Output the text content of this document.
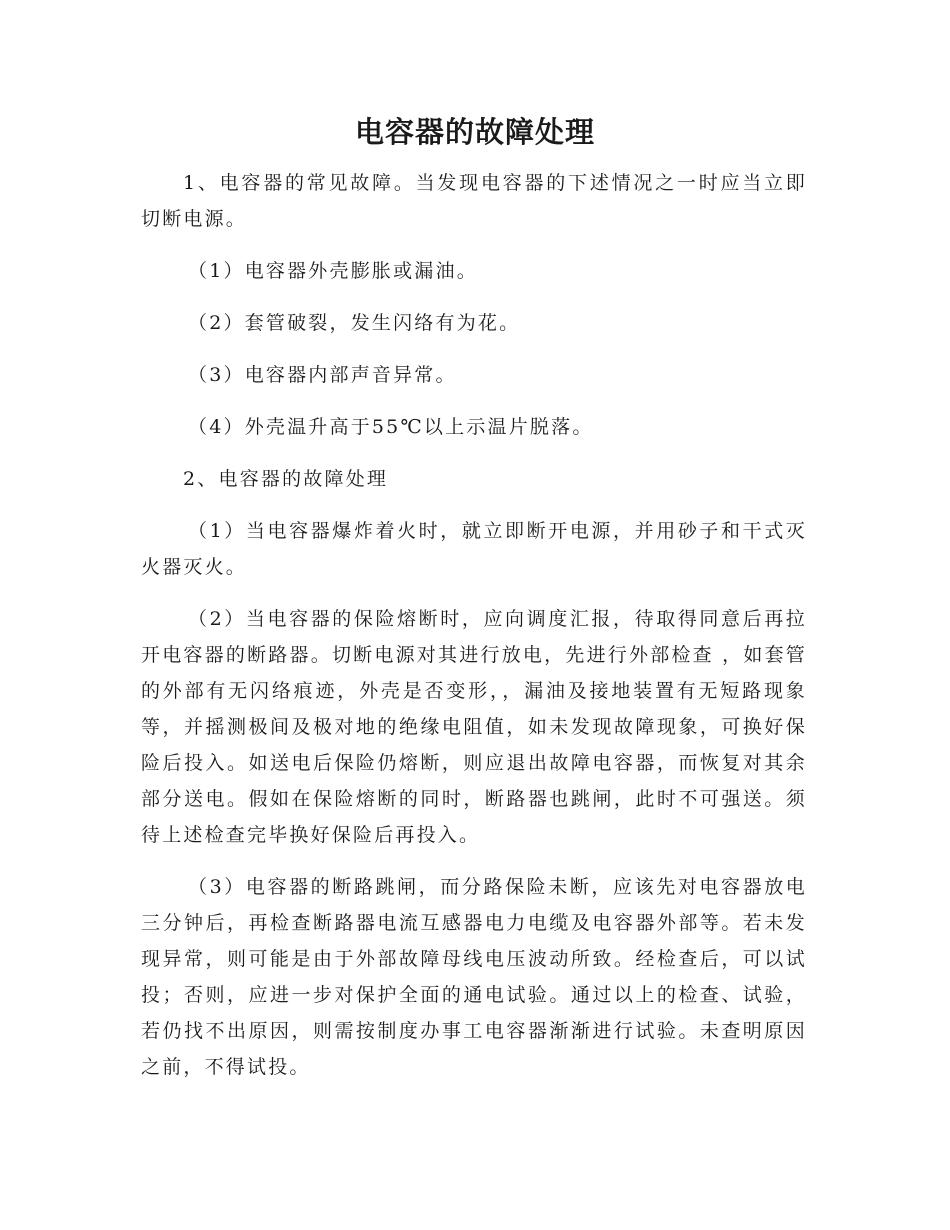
电容器的故障处理

1、电容器的常见故障。当发现电容器的下述情况之一时应当立即切断电源。

（1）电容器外壳膨胀或漏油。

（2）套管破裂，发生闪络有为花。

（3）电容器内部声音异常。

（4）外壳温升高于55℃以上示温片脱落。

2、电容器的故障处理

（1）当电容器爆炸着火时，就立即断开电源，并用砂子和干式灭火器灭火。

（2）当电容器的保险熔断时，应向调度汇报，待取得同意后再拉开电容器的断路器。切断电源对其进行放电，先进行外部检查 ，如套管的外部有无闪络痕迹，外壳是否变形，，漏油及接地装置有无短路现象等，并摇测极间及极对地的绝缘电阻值，如未发现故障现象，可换好保险后投入。如送电后保险仍熔断，则应退出故障电容器，而恢复对其余部分送电。假如在保险熔断的同时，断路器也跳闸，此时不可强送。须待上述检查完毕换好保险后再投入。

（3）电容器的断路跳闸，而分路保险未断，应该先对电容器放电三分钟后，再检查断路器电流互感器电力电缆及电容器外部等。若未发现异常，则可能是由于外部故障母线电压波动所致。经检查后，可以试投；否则，应进一步对保护全面的通电试验。通过以上的检查、试验，若仍找不出原因，则需按制度办事工电容器渐渐进行试验。未查明原因之前，不得试投。
